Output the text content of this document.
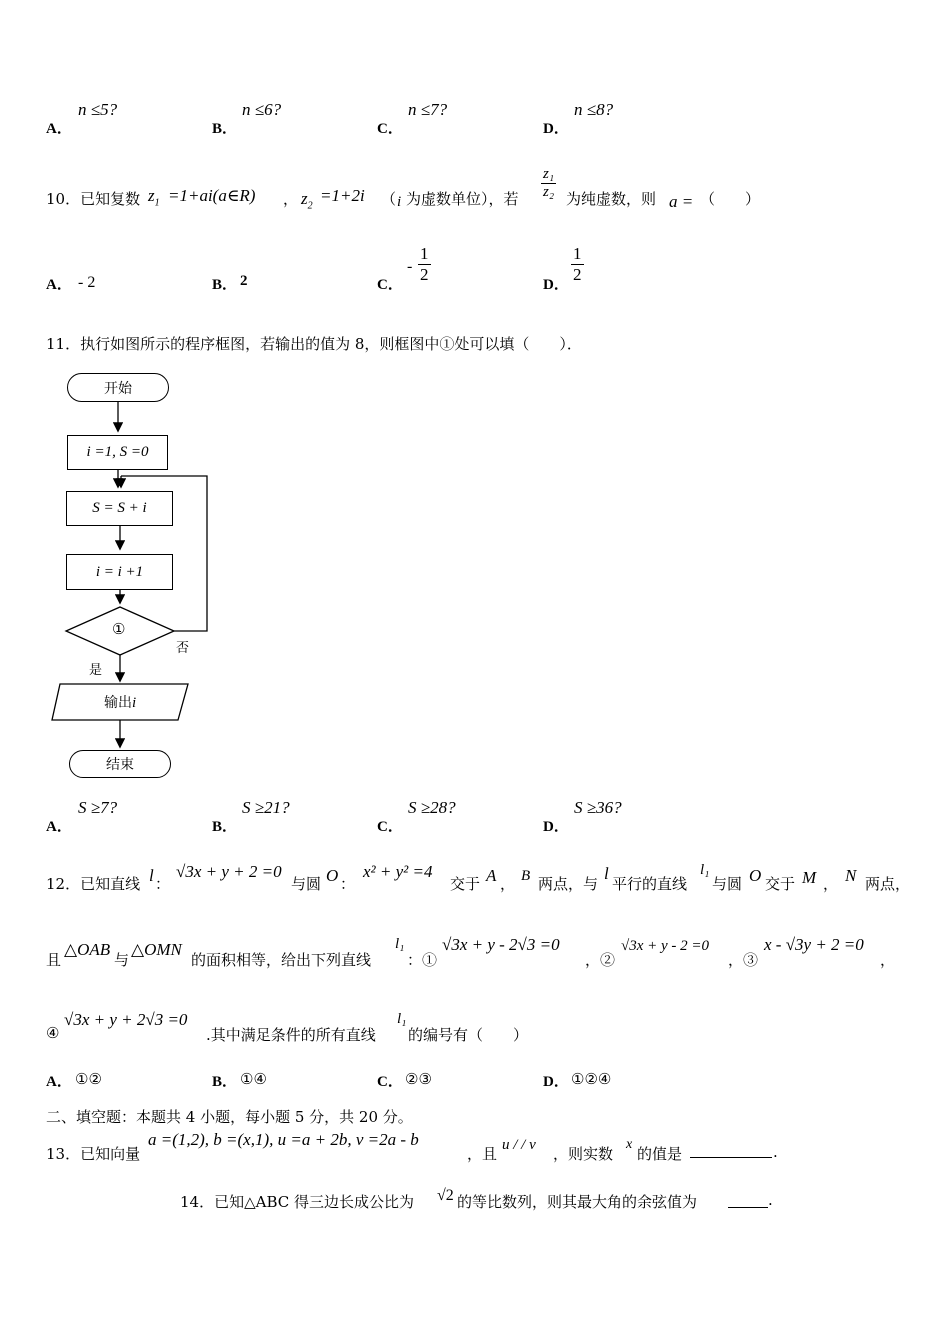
A．
n ≤5?
B．
n ≤6?
C．
n ≤7?
D．
n ≤8?
10．已知复数 $z_1$ =1+ai(a∈R) ， $z_2$
=1+2i （ i 为虚数单位），若 $\frac{\text{z₁}}{\text{z₂}}$ 为纯虚数，则 a = （　　）
A． - 2	B． 2	C．
- $\frac{1}{2}$	D． $\frac{1}{2}$
11．执行如图所示的程序框图，若输出的值为 8，则框图中①处可以填（　　）．
开始
i =1, S =0
S = S + i
i = i +1
①
否
是
输出i
结束
A．
S ≥7?
B．
S ≥21?
C．
S ≥28?
D．
S ≥36?
12．已知直线 l ：
√3x + y + 2 =0
与圆 O ：
x² + y² =4
交于 A ， B 两点，与
l
平行的直线
l₁
与圆 O 交于 M ， N 两点，
且
△OAB
与
△OMN
的面积相等，给出下列直线
l₁
：①
√3x + y - 2√3 =0
，②
√3x + y - 2 =0
，③
x - √3y + 2 =0
，
④
√3x + y + 2√3 =0
.其中满足条件的所有直线
l₁
的编号有（　　）
A． ①②	B． ①④	C． ②③	D． ①②④
二、填空题：本题共 4 小题，每小题 5 分，共 20 分。
13．已知向量
a =(1,2), b =(x,1), u =a + 2b, v =2a - b
，且 u / / v ，则实数
x
的值是	.
14．已知△ABC 得三边长成公比为 √2 的等比数列，则其最大角的余弦值为	.
